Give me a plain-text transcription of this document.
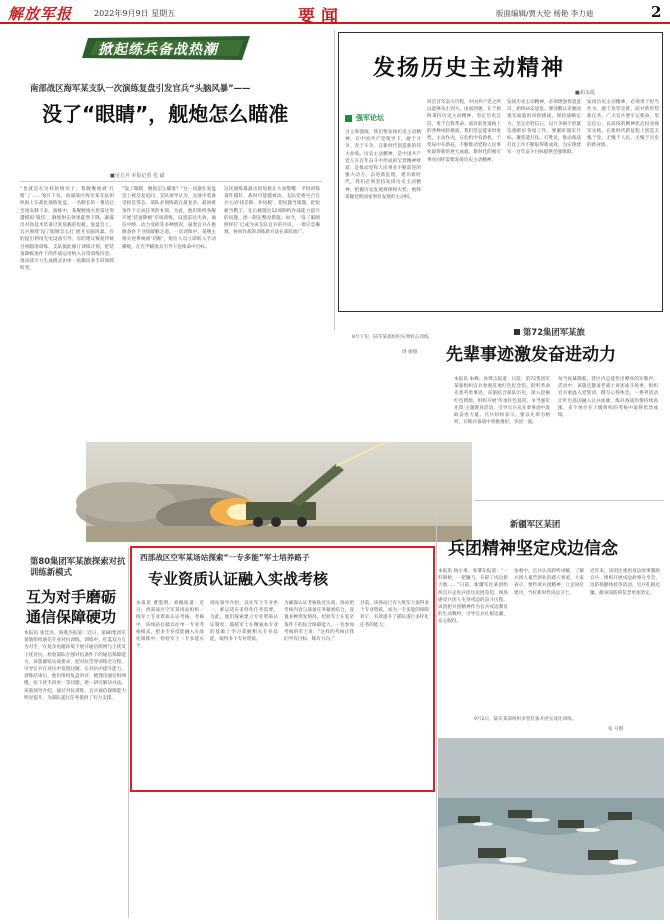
解放军报	2022年9月9日 星期五	要闻	版面编辑/贾大伦 杨艳 李力迪	2
掀起练兵备战热潮
南部战区海军某支队一次演练复盘引发官兵“头脑风暴”——
没了“眼睛”，舰炮怎么瞄准
■吴方兵 本报记者 毛 斌
“也就是在这样的情况下，我舰舰炮被‘打瞎’了……”8月下旬，南部战区海军某支队组织海上实战化演练复盘，一名舰长的一番话让全场安静下来。演练中，某舰舰炮火控雷达突遭模拟‘毁伤’，舰炮射击效果陡然下降，暴露出对高技术装备过度依赖的短板。复盘会上，官兵围绕‘没了眼睛怎么打’展开头脑风暴。有的提出利用光电设备引导，有的建议恢复传统目视瞄准训练。支队据此修订训练计划，把装备降级条件下的作战运用纳入日常训练内容，推动战斗力生成模式由单一依赖向多手段保障转变。
“没了眼睛，舰炮怎么瞄准？”这一问题在复盘会上被反复追问。支队领导认为，实战中装备受损是常态，部队必须练就在最复杂、最困难条件下完成任务的本领。为此，他们组织各舰开展‘装备降级’专项训练，设置雷达失效、通信中断、动力受损等多种情况，逼着官兵在极限条件下寻找破解之道。一次训练中，某舰主炮火控系统被‘切断’，炮位人员立即转入手动操炮，在光学瞄准具引导下连续命中目标。
这次演练暴露出的短板让大家警醒：平时训练条件越好，战时可能越被动。支队党委号召官兵主动‘找差距、补短板’，把问题当课题，把短板当靶子，先后梳理出12项制约作战能力提升的问题，逐一制定整改措施。如今，‘没了眼睛照样打’已成为该支队官兵的共识，一批应急操炮、协同作战的训练新方法在部队推广。
发扬历史主动精神
■胡永福
强军论坛
习主席强调，我们要发扬历史主动精神，在中国共产党领导下，敢于斗争，善于斗争，在新时代创造新的伟大业绩。历史主动精神，是中国共产党人在百年奋斗中形成的宝贵精神财富，是推动党和人民事业不断前进的强大动力。奋进新征程，建功新时代，我们必须坚持发扬历史主动精神，把握历史发展规律和大势，始终掌握党和国家事业发展的主动权。
回首百年奋斗历程，中国共产党之所以能够从小到大、由弱到强，在于始终秉持历史主动精神，坚定历史自信，勇于自我革命。面对前进道路上的各种风险挑战，我们党总能审时度势、主动作为，在危机中育新机、于变局中开新局，不断推动党和人民事业取得新的更大成就。新时代的强军事业同样需要发扬历史主动精神。
发扬历史主动精神，必须增强忧患意识，始终居安思危。要清醒认识强国强军面临的风险挑战，保持战略定力，坚定必胜信心，以只争朝夕的紧迫感抓好各项工作。要紧盯强军目标，聚焦能打仗、打胜仗，推动备战打仗工作不断取得新成效，为实现建军一百年奋斗目标提供坚强保障。
发扬历史主动精神，必须勇于担当作为，敢于攻坚克难。面对新形势新任务，广大官兵要牢记使命，坚定信心，以昂扬的精神状态投身强军实践，在新时代新征程上创造无愧于党、无愧于人民、无愧于历史的新业绩。
8月下旬，陆军某旅组织实弹射击训练。
周 俊摄
第72集团军某旅
先辈事迹激发奋进动力
本报讯 朱峰、孙博志报道：日前，第72集团军某旅组织官兵参观驻地红色纪念馆，聆听革命先辈英勇事迹。该旅结合部队历史，深入挖掘红色资源，组织开展‘传承红色基因、争当强军先锋’主题教育活动，引导官兵从先辈事迹中汲取奋进力量。官兵纷纷表示，要以先辈为榜样，在练兵备战中勇挑重担、争创一流。
每当夜幕降临，营区内总能传出嘹亮的军歌声。活动中，该旅还邀请老战士讲述战斗故事，组织官兵重温入党誓词、撰写心得体会。一系列活动让红色基因融入官兵血脉，练兵备战热情持续高涨，多个单位在上级组织的考核中取得优异成绩。
新疆军区某团
兵团精神坚定戍边信念
本报讯 杨小勇、张肇东报道：“一杆钢枪、一把镰刀，开辟了戍边新天地……”日前，新疆军区某团组织官兵走进兵团历史展览馆，现场感受兵团人屯垦戍边的奋斗历程。该团把兵团精神作为官兵戍边教育的生动教材，引导官兵扎根边疆、安心服役。
参观中，官兵认真聆听讲解，了解兵团人艰苦创业的感人事迹。大家表示，要传承兵团精神，立足岗位建功，当好新时代戍边卫士。
近年来，该团注重用身边故事激励官兵，组织开展戍边故事分享会、边防执勤体验等活动，官兵扎根边疆、献身国防的信念更加坚定。
9月2日，陆军某部组织多型装备开展实战化训练。
张 号摄
第80集团军某旅探索对抗训练新模式
互为对手磨砺
通信保障硬功
本报讯 张佳浩、鲁燕杰报道：近日，第80集团军某旅组织通信专业对抗训练。训练中，红蓝双方互为对手，在复杂电磁环境下展开通信组网与干扰反干扰对抗，检验部队在强对抗条件下的通信保障能力。该旅紧贴实战要求，把对抗贯穿训练全过程，引导官兵在对抗中发现问题、在对抗中提升能力。训练结束后，他们组织复盘讲评，梳理出通信组网慢、抗干扰手段单一等问题，逐一研究解决办法。该旅领导介绍，通过对抗训练，官兵通信保障能力明显提升，为部队遂行任务提供了有力支撑。
西部战区空军某场站探索“一专多能”军士培养路子
专业资质认证融入实战考核
本报讯 曹墨明、刘佩报道：近日，西部战区空军某场站组织一线军士专业资质认证考核。考核中，该场站打破以往单一专业考核模式，把多专业技能融入实战化演练中，检验军士一专多能水平。
场站领导介绍，以往军士专业单一，难以适应多样化任务需要。为此，他们探索建立专业资质认证制度，鼓励军士在精通本专业的基础上学习掌握相关专业技能，取得多个专业资质。
为确保认证考核贴近实战，场站把考核内容与战备任务紧密结合，设置多种突发情况，检验军士在复杂条件下的综合保障能力。一名参加考核的军士说：“这样的考核让我们学有目标、练有方向。”
目前，该场站已有大批军士取得多个专业资质，成为一专多能的保障骨干，有效提升了部队遂行多样化任务的能力。
